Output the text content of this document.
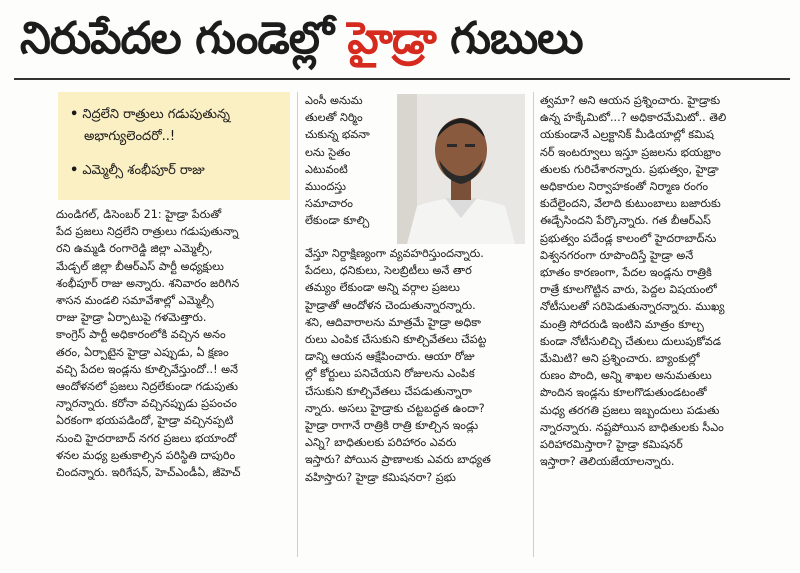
నిరుపేదల గుండెల్లో హైడ్రా గుబులు
• నిద్రలేని రాత్రులు గడుపుతున్న
అభాగ్యులెందరో..!
• ఎమ్మెల్సీ శంభీపూర్ రాజు
దుండిగల్, డిసెంబర్ 21: హైడ్రా పేరుతో
పేద ప్రజలు నిద్రలేని రాత్రులు గడుపుతున్నా
రని ఉమ్మడి రంగారెడ్డి జిల్లా ఎమ్మెల్సీ,
మేడ్చల్ జిల్లా బీఆర్ఎస్ పార్టీ అధ్యక్షులు
శంభీపూర్ రాజు అన్నారు. శనివారం జరిగిన
శాసన మండలి సమావేశాల్లో ఎమ్మెల్సీ
రాజు హైడ్రా ఏర్పాటుపై గళమెత్తారు.
కాంగ్రెస్ పార్టీ అధికారంలోకి వచ్చిన అనం
తరం, ఏర్పాటైన హైడ్రా ఎప్పుడు, ఏ క్షణం
వచ్చి పేదల ఇండ్లను కూల్చివేస్తుందో..! అనే
ఆందోళనలో ప్రజలు నిద్రలేకుండా గడుపుతు
న్నారన్నారు. కరోనా వచ్చినప్పుడు ప్రపంచం
ఏరకంగా భయపడిందో, హైడ్రా వచ్చినప్పటి
నుంచి హైదరాబాద్ నగర ప్రజలు భయాందో
ళనల మధ్య బ్రతుకాల్సిన పరిస్థితి దాపురిం
చిందన్నారు. ఇరిగేషన్, హెచ్ఎండీఏ, జీహెచ్
ఎంసీ అనుమ
తులతో నిర్మిం
చుకున్న భవనా
లను సైతం
ఎటువంటి
ముందస్తు
సమాచారం
లేకుండా కూల్చి
వేస్తూ నిర్దాక్షిణ్యంగా వ్యవహరిస్తుందన్నారు.
పేదలు, ధనికులు, సెలబ్రిటీలు అనే తార
తమ్యం లేకుండా అన్ని వర్గాల ప్రజలు
హైడ్రాతో ఆందోళన చెందుతున్నారన్నారు.
శని, ఆదివారాలను మాత్రమే హైడ్రా అధికా
రులు ఎంపిక చేసుకుని కూల్చివేతలు చేపట్ట
డాన్ని ఆయన ఆక్షేపించారు. ఆయా రోజు
ల్లో కోర్టులు పనిచేయని రోజులను ఎంపిక
చేసుకుని కూల్చివేతలు చేపడుతున్నారా
న్నారు. అసలు హైడ్రాకు చట్టబద్ధత ఉందా?
హైడ్రా రాగానే రాత్రికి రాత్రి కూల్చిన ఇండ్లు
ఎన్ని? బాధితులకు పరిహారం ఎవరు
ఇస్తారు? పోయిన ప్రాణాలకు ఎవరు బాధ్యత
వహిస్తారు? హైడ్రా కమిషనరా? ప్రభు
త్వమా? అని ఆయన ప్రశ్నించారు. హైడ్రాకు
ఉన్న హక్కేమిటో...? అధికారమేమిటో.. తెలి
యకుండానే ఎల్రక్టానిక్ మీడియాల్లో కమిష
నర్ ఇంటర్వూలు ఇస్తూ ప్రజలను భయభ్రాం
తులకు గురిచేశారన్నారు. ప్రభుత్వం, హైడ్రా
అధికారుల నిర్వాహకంతో నిర్మాణ రంగం
కుదేలైందని, వేలాది కుటుంబాలు బజారుకు
ఈడ్చేసిందని పేర్కొన్నారు. గత బీఆర్ఎస్
ప్రభుత్వం పదేండ్ల కాలంలో హైదరాబాద్‌ను
విశ్వనగరంగా రూపొందిస్తే హైడ్రా అనే
భూతం కారణంగా, పేదల ఇండ్లను రాత్రికి
రాత్రే కూలగొట్టిన వారు, పెద్దల విషయంలో
నోటీసులతో సరిపెడుతున్నారన్నారు. ముఖ్య
మంత్రి సోదరుడి ఇంటిని మాత్రం కూల్చ
కుండా నోటీసులిచ్చి చేతులు దులుపుకోవడ
మేమిటి? అని ప్రశ్నించారు. బ్యాంకుల్లో
రుణం పొంది, అన్ని శాఖల అనుమతులు
పొందిన ఇండ్లను కూలగొడుతుండటంతో
మధ్య తరగతి ప్రజలు ఇబ్బందులు పడుతు
న్నారన్నారు. నష్టపోయిన బాధితులకు సీఎం
పరిహారమిస్తారా? హైడ్రా కమిషనర్
ఇస్తారా? తెలియజేయాలన్నారు.
